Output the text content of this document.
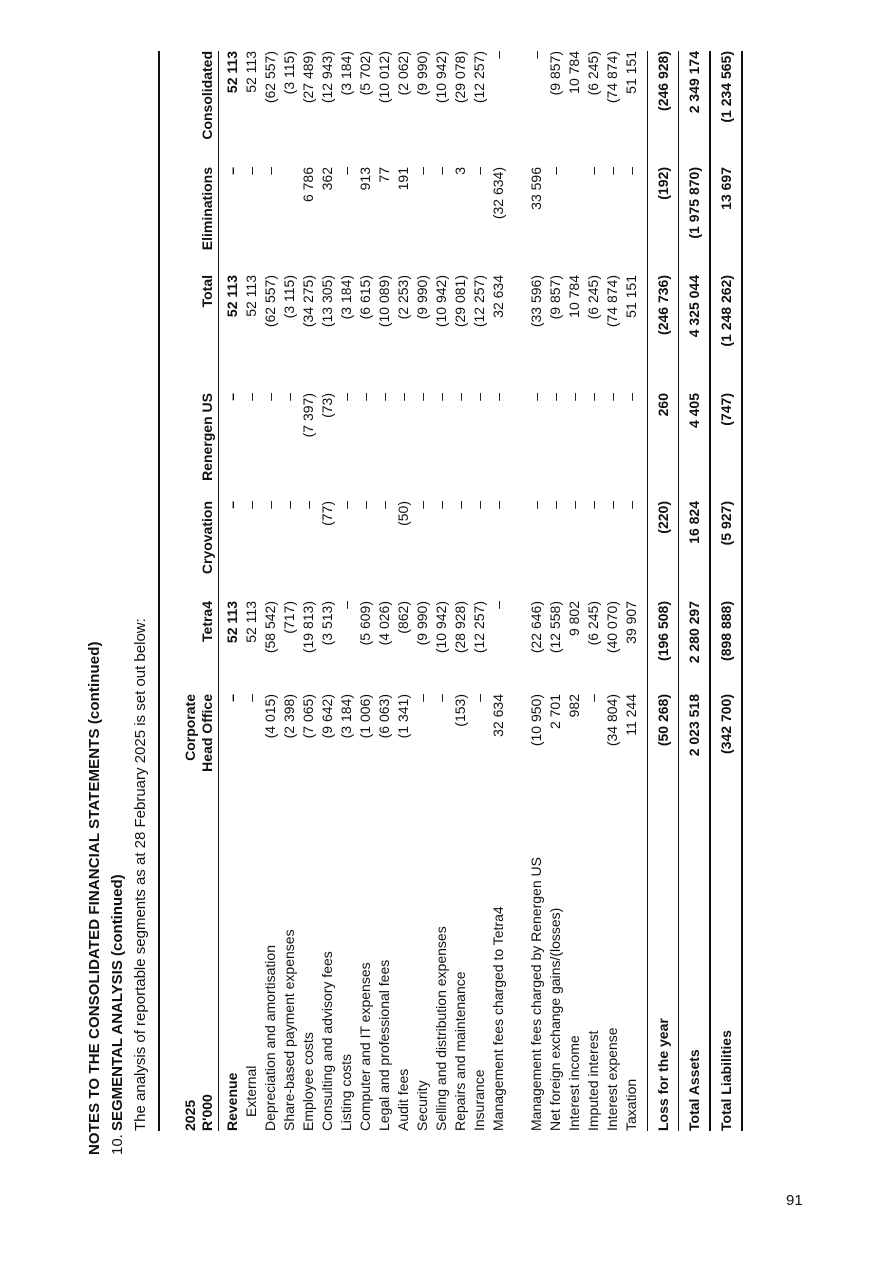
NOTES TO THE CONSOLIDATED FINANCIAL STATEMENTS (continued) 10.SEGMENTAL ANALYSIS (continued) The analysis of reportable segments as at 28 February 2025 is set out below: 2025 R'000
Corporate Head Office

Tetra4

Cryovation

Renergen US

Total

Eliminations

Consolidated
Revenue
–
52 113
–
–
52 113
–
52 113
External
–
52 113
–
–
52 113
–
52 113
Depreciation and amortisation
(4 015)
(58 542)
–
–
(62 557)
–
(62 557)
Share-based payment expenses
(2 398)
(717)
–
–
(3 115)
(3 115)
Employee costs
(7 065)
(19 813)
–
(7 397)
(34 275)
6 786
(27 489)
Consulting and advisory fees
(9 642)
(3 513)
(77)
(73)
(13 305)
362
(12 943)
Listing costs
(3 184)
–
–
–
(3 184)
–
(3 184)
Computer and IT expenses
(1 006)
(5 609)
–
–
(6 615)
913
(5 702)
Legal and professional fees
(6 063)
(4 026)
–
–
(10 089)
77
(10 012)
Audit fees
(1 341)
(862)
(50)
–
(2 253)
191
(2 062)
Security
–
(9 990)
–
–
(9 990)
–
(9 990)
Selling and distribution expenses
–
(10 942)
–
–
(10 942)
–
(10 942)
Repairs and maintenance
(153)
(28 928)
–
–
(29 081)
3
(29 078)
Insurance
–
(12 257)
–
–
(12 257)
–
(12 257)
Management fees charged to Tetra4
32 634
–
–
–
32 634
(32 634)
–
Management fees charged by Renergen US
(10 950)
(22 646)
–
–
(33 596)
33 596
–
Net foreign exchange gains/(losses)
2 701
(12 558)
–
–
(9 857)
–
(9 857)
Interest income
982
9 802
–
–
10 784
10 784
Imputed interest
–
(6 245)
–
–
(6 245)
–
(6 245)
Interest expense
(34 804)
(40 070)
–
–
(74 874)
–
(74 874)
Taxation
11 244
39 907
–
–
51 151
–
51 151
Loss for the year
(50 268)
(196 508)
(220)
260
(246 736)
(192)
(246 928)
Total Assets
2 023 518
2 280 297
16 824
4 405
4 325 044
(1 975 870)
2 349 174
Total Liabilities
(342 700)
(898 888)
(5 927)
(747)
(1 248 262)
13 697
(1 234 565)
91
